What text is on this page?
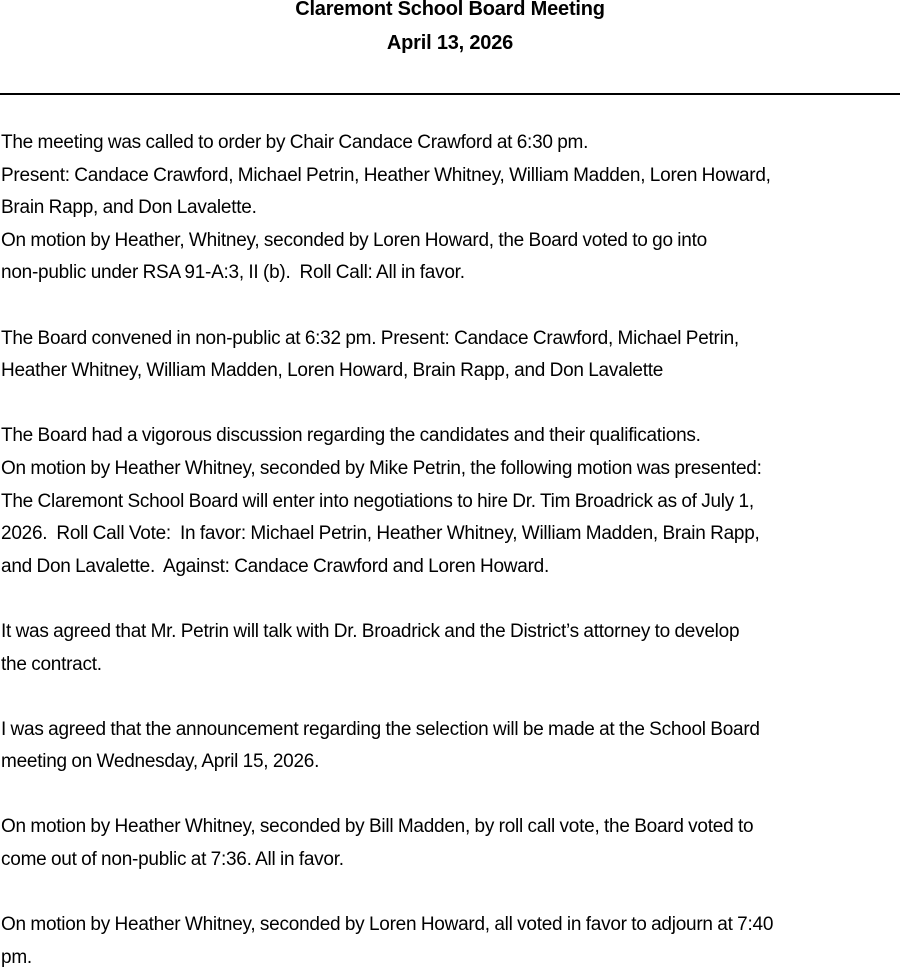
Claremont School Board Meeting
April 13, 2026
The meeting was called to order by Chair Candace Crawford at 6:30 pm.
Present: Candace Crawford, Michael Petrin, Heather Whitney, William Madden, Loren Howard,
Brain Rapp, and Don Lavalette.
On motion by Heather, Whitney, seconded by Loren Howard, the Board voted to go into
non-public under RSA 91-A:3, II (b).  Roll Call: All in favor.
The Board convened in non-public at 6:32 pm. Present: Candace Crawford, Michael Petrin,
Heather Whitney, William Madden, Loren Howard, Brain Rapp, and Don Lavalette
The Board had a vigorous discussion regarding the candidates and their qualifications.
On motion by Heather Whitney, seconded by Mike Petrin, the following motion was presented:
The Claremont School Board will enter into negotiations to hire Dr. Tim Broadrick as of July 1,
2026.  Roll Call Vote:  In favor: Michael Petrin, Heather Whitney, William Madden, Brain Rapp,
and Don Lavalette.  Against: Candace Crawford and Loren Howard.
It was agreed that Mr. Petrin will talk with Dr. Broadrick and the District’s attorney to develop
the contract.
I was agreed that the announcement regarding the selection will be made at the School Board
meeting on Wednesday, April 15, 2026.
On motion by Heather Whitney, seconded by Bill Madden, by roll call vote, the Board voted to
come out of non-public at 7:36. All in favor.
On motion by Heather Whitney, seconded by Loren Howard, all voted in favor to adjourn at 7:40
pm.
